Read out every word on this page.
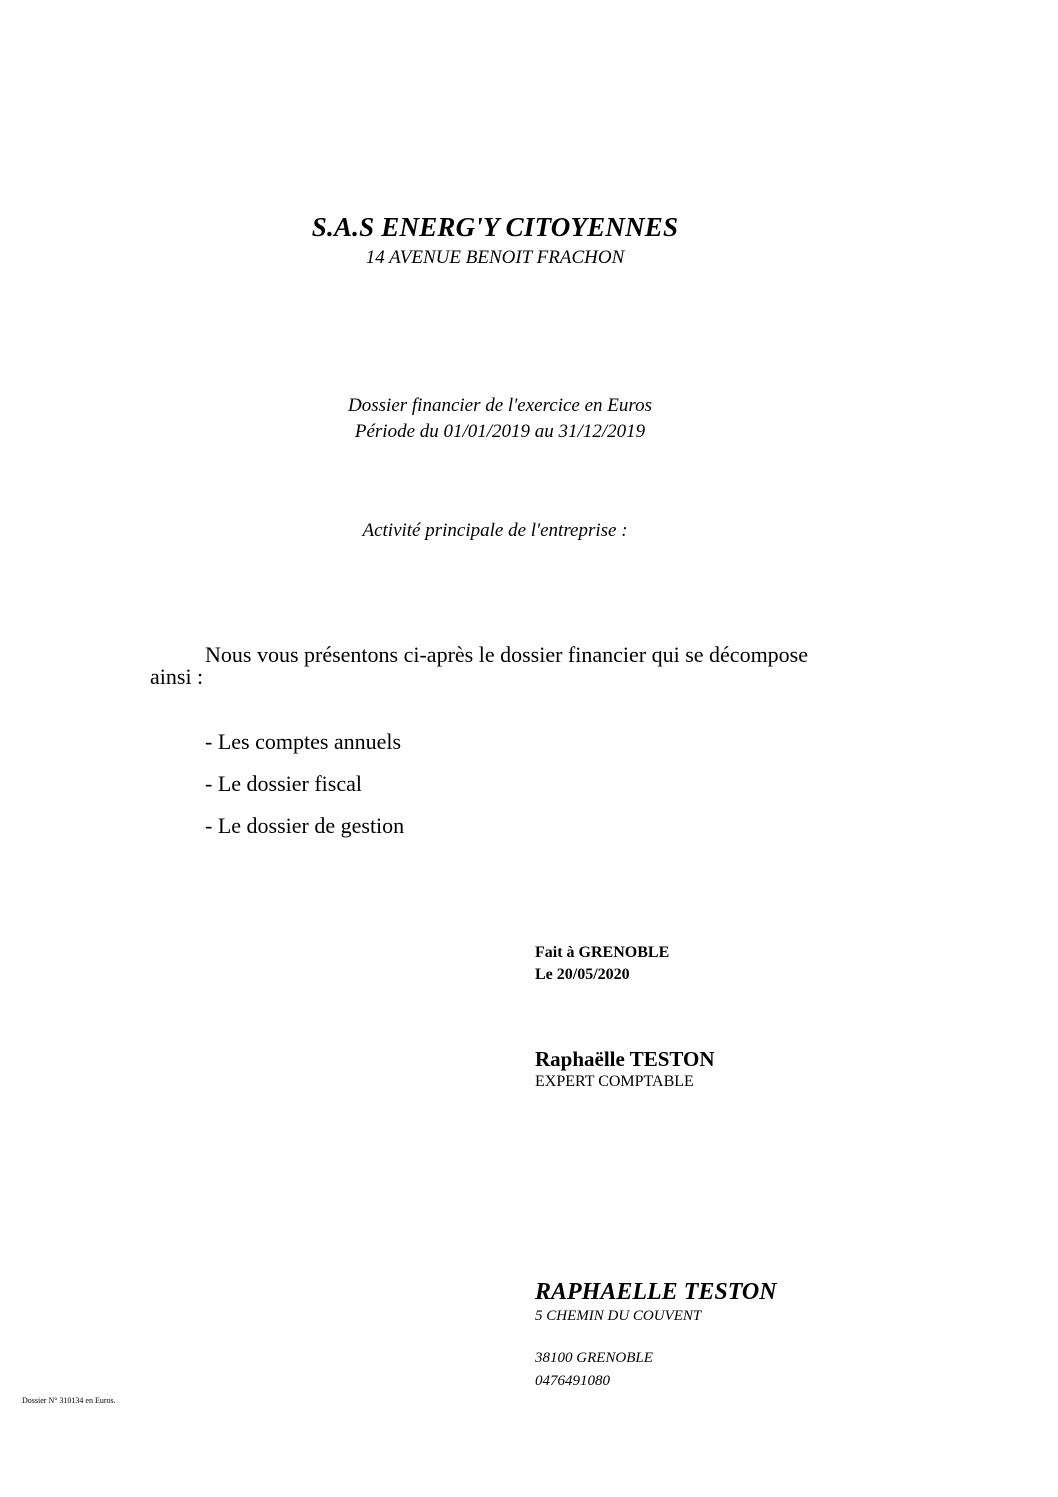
S.A.S ENERG'Y CITOYENNES
14 AVENUE BENOIT FRACHON
Dossier financier de l'exercice en Euros
Période du 01/01/2019 au 31/12/2019
Activité principale de l'entreprise :
Nous vous présentons ci-après le dossier financier qui se décompose
ainsi :
- Les comptes annuels
- Le dossier fiscal
- Le dossier de gestion
Fait à GRENOBLE
Le 20/05/2020
Raphaëlle TESTON
EXPERT COMPTABLE
RAPHAELLE TESTON
5 CHEMIN DU COUVENT
38100 GRENOBLE
0476491080
Dossier N° 310134 en Euros.
